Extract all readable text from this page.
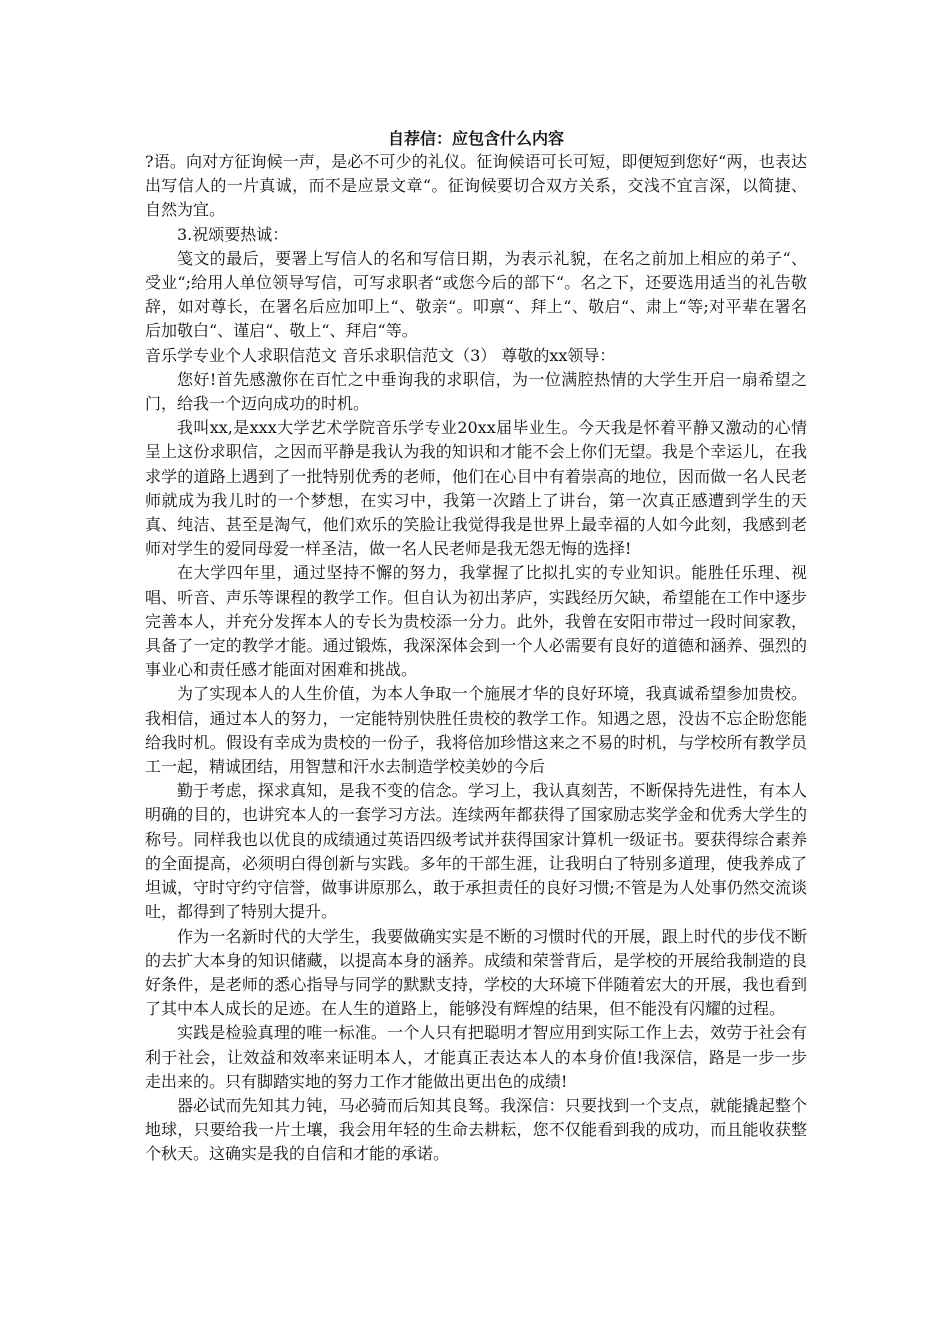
自荐信：应包含什么内容

?语。向对方征询候一声，是必不可少的礼仪。征询候语可长可短，即便短到您好“两，也表达出写信人的一片真诚，而不是应景文章“。征询候要切合双方关系，交浅不宜言深，以简捷、自然为宜。

3.祝颂要热诚：

笺文的最后，要署上写信人的名和写信日期，为表示礼貌，在名之前加上相应的弟子“、受业“;给用人单位领导写信，可写求职者“或您今后的部下“。名之下，还要选用适当的礼告敬辞，如对尊长，在署名后应加叩上“、敬亲“。叩禀“、拜上“、敬启“、肃上“等;对平辈在署名后加敬白“、谨启“、敬上“、拜启“等。

音乐学专业个人求职信范文 音乐求职信范文（3） 尊敬的xx领导：

您好!首先感激你在百忙之中垂询我的求职信，为一位满腔热情的大学生开启一扇希望之门，给我一个迈向成功的时机。

我叫xx,是xxx大学艺术学院音乐学专业20xx届毕业生。今天我是怀着平静又激动的心情呈上这份求职信，之因而平静是我认为我的知识和才能不会上你们无望。我是个幸运儿，在我求学的道路上遇到了一批特别优秀的老师，他们在心目中有着崇高的地位，因而做一名人民老师就成为我儿时的一个梦想，在实习中，我第一次踏上了讲台，第一次真正感遭到学生的天真、纯洁、甚至是淘气，他们欢乐的笑脸让我觉得我是世界上最幸福的人如今此刻，我感到老师对学生的爱同母爱一样圣洁，做一名人民老师是我无怨无悔的选择!

在大学四年里，通过坚持不懈的努力，我掌握了比拟扎实的专业知识。能胜任乐理、视唱、听音、声乐等课程的教学工作。但自认为初出茅庐，实践经历欠缺，希望能在工作中逐步完善本人，并充分发挥本人的专长为贵校添一分力。此外，我曾在安阳市带过一段时间家教，具备了一定的教学才能。通过锻炼，我深深体会到一个人必需要有良好的道德和涵养、强烈的事业心和责任感才能面对困难和挑战。

为了实现本人的人生价值，为本人争取一个施展才华的良好环境，我真诚希望参加贵校。我相信，通过本人的努力，一定能特别快胜任贵校的教学工作。知遇之恩，没齿不忘企盼您能给我时机。假设有幸成为贵校的一份子，我将倍加珍惜这来之不易的时机，与学校所有教学员工一起，精诚团结，用智慧和汗水去制造学校美妙的今后

勤于考虑，探求真知，是我不变的信念。学习上，我认真刻苦，不断保持先进性，有本人明确的目的，也讲究本人的一套学习方法。连续两年都获得了国家励志奖学金和优秀大学生的称号。同样我也以优良的成绩通过英语四级考试并获得国家计算机一级证书。要获得综合素养的全面提高，必须明白得创新与实践。多年的干部生涯，让我明白了特别多道理，使我养成了坦诚，守时守约守信誉，做事讲原那么，敢于承担责任的良好习惯;不管是为人处事仍然交流谈吐，都得到了特别大提升。

作为一名新时代的大学生，我要做确实实是不断的习惯时代的开展，跟上时代的步伐不断的去扩大本身的知识储藏，以提高本身的涵养。成绩和荣誉背后，是学校的开展给我制造的良好条件，是老师的悉心指导与同学的默默支持，学校的大环境下伴随着宏大的开展，我也看到了其中本人成长的足迹。在人生的道路上，能够没有辉煌的结果，但不能没有闪耀的过程。

实践是检验真理的唯一标准。一个人只有把聪明才智应用到实际工作上去，效劳于社会有利于社会，让效益和效率来证明本人，才能真正表达本人的本身价值!我深信，路是一步一步走出来的。只有脚踏实地的努力工作才能做出更出色的成绩!

器必试而先知其力钝，马必骑而后知其良驽。我深信：只要找到一个支点，就能撬起整个地球，只要给我一片土壤，我会用年轻的生命去耕耘，您不仅能看到我的成功，而且能收获整个秋天。这确实是我的自信和才能的承诺。
